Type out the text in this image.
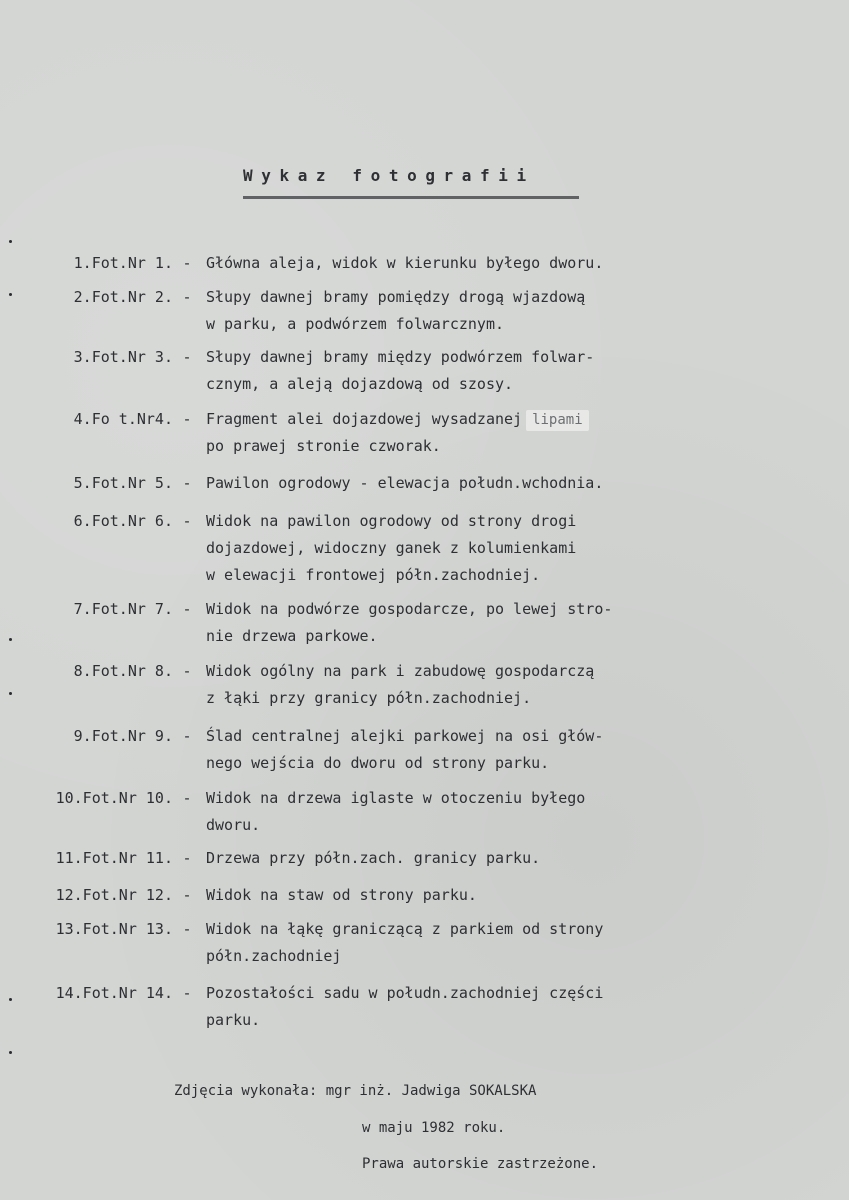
Wykaz fotografii
1.Fot.Nr 1. - Główna aleja, widok w kierunku byłego dworu.
2.Fot.Nr 2. - Słupy dawnej bramy pomiędzy drogą wjazdową
w parku, a podwórzem folwarcznym.
3.Fot.Nr 3. - Słupy dawnej bramy między podwórzem folwar-
cznym, a aleją dojazdową od szosy.
4.Fo t.Nr4. - Fragment alei dojazdowej wysadzanej lipami
po prawej stronie czworak.
5.Fot.Nr 5. - Pawilon ogrodowy - elewacja połudn.wchodnia.
6.Fot.Nr 6. - Widok na pawilon ogrodowy od strony drogi
dojazdowej, widoczny ganek z kolumienkami
w elewacji frontowej półn.zachodniej.
7.Fot.Nr 7. - Widok na podwórze gospodarcze, po lewej stro-
nie drzewa parkowe.
8.Fot.Nr 8. - Widok ogólny na park i zabudowę gospodarczą
z łąki przy granicy półn.zachodniej.
9.Fot.Nr 9. - Ślad centralnej alejki parkowej na osi głów-
nego wejścia do dworu od strony parku.
10.Fot.Nr 10. - Widok na drzewa iglaste w otoczeniu byłego
dworu.
11.Fot.Nr 11. - Drzewa przy półn.zach. granicy parku.
12.Fot.Nr 12. - Widok na staw od strony parku.
13.Fot.Nr 13. - Widok na łąkę graniczącą z parkiem od strony
półn.zachodniej
14.Fot.Nr 14. - Pozostałości sadu w połudn.zachodniej części
parku.
Zdjęcia wykonała: mgr inż. Jadwiga SOKALSKA
w maju 1982 roku.
Prawa autorskie zastrzeżone.
